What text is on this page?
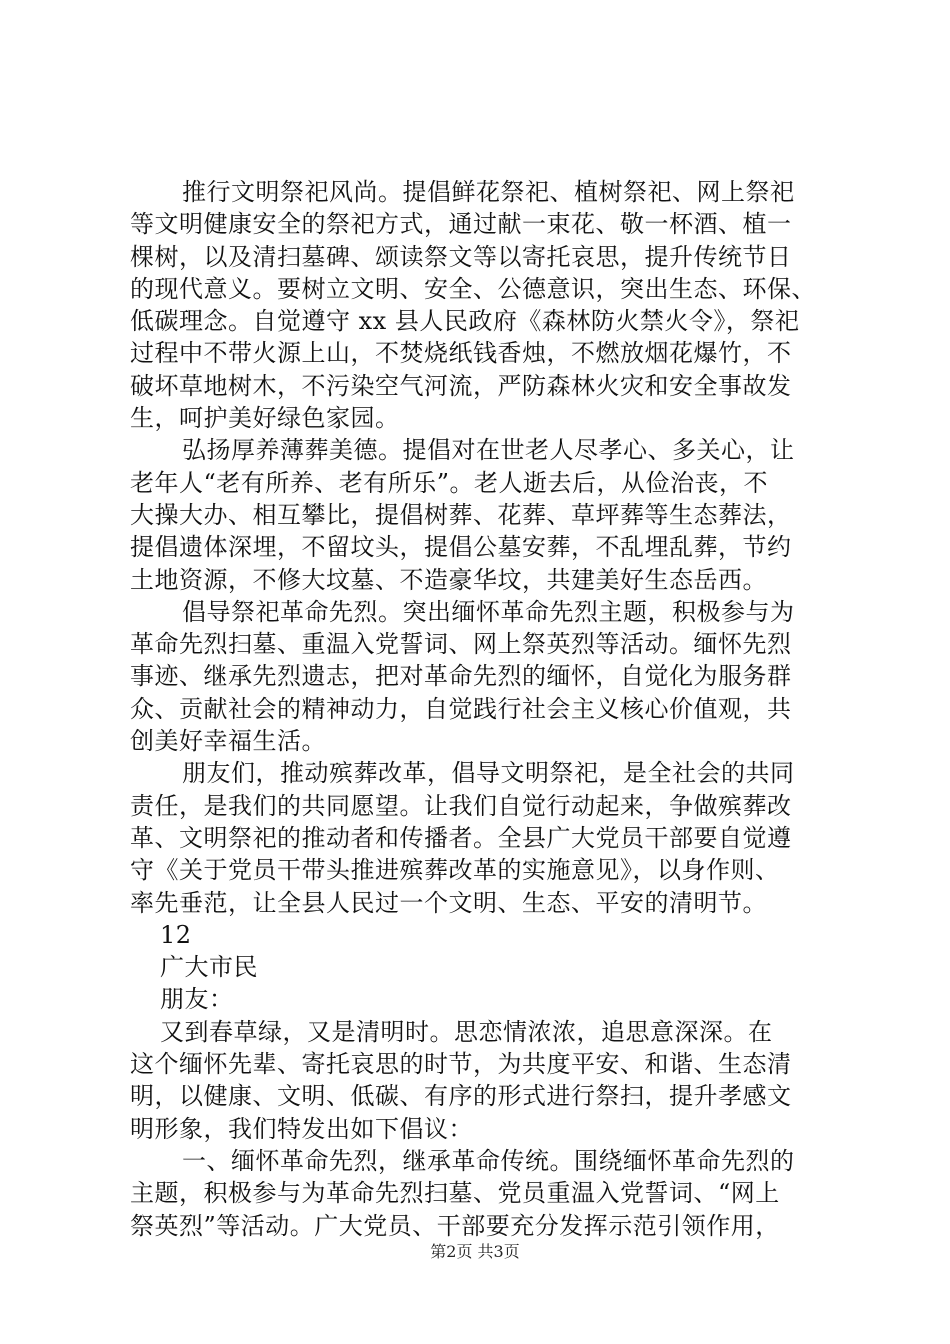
推行文明祭祀风尚。提倡鲜花祭祀、植树祭祀、网上祭祀
等文明健康安全的祭祀方式，通过献一束花、敬一杯酒、植一
棵树，以及清扫墓碑、颂读祭文等以寄托哀思，提升传统节日
的现代意义。要树立文明、安全、公德意识，突出生态、环保、
低碳理念。自觉遵守 xx 县人民政府《森林防火禁火令》，祭祀
过程中不带火源上山，不焚烧纸钱香烛，不燃放烟花爆竹，不
破坏草地树木，不污染空气河流，严防森林火灾和安全事故发
生，呵护美好绿色家园。
弘扬厚养薄葬美德。提倡对在世老人尽孝心、多关心，让
老年人“老有所养、老有所乐”。老人逝去后，从俭治丧，不
大操大办、相互攀比，提倡树葬、花葬、草坪葬等生态葬法，
提倡遗体深埋，不留坟头，提倡公墓安葬，不乱埋乱葬，节约
土地资源，不修大坟墓、不造豪华坟，共建美好生态岳西。
倡导祭祀革命先烈。突出缅怀革命先烈主题，积极参与为
革命先烈扫墓、重温入党誓词、网上祭英烈等活动。缅怀先烈
事迹、继承先烈遗志，把对革命先烈的缅怀，自觉化为服务群
众、贡献社会的精神动力，自觉践行社会主义核心价值观，共
创美好幸福生活。
朋友们，推动殡葬改革，倡导文明祭祀，是全社会的共同
责任，是我们的共同愿望。让我们自觉行动起来，争做殡葬改
革、文明祭祀的推动者和传播者。全县广大党员干部要自觉遵
守《关于党员干带头推进殡葬改革的实施意见》，以身作则、
率先垂范，让全县人民过一个文明、生态、平安的清明节。
12
广大市民
朋友：
又到春草绿，又是清明时。思恋情浓浓，追思意深深。在
这个缅怀先辈、寄托哀思的时节，为共度平安、和谐、生态清
明，以健康、文明、低碳、有序的形式进行祭扫，提升孝感文
明形象，我们特发出如下倡议：
一、缅怀革命先烈，继承革命传统。围绕缅怀革命先烈的
主题，积极参与为革命先烈扫墓、党员重温入党誓词、“网上
祭英烈”等活动。广大党员、干部要充分发挥示范引领作用，
第2页 共3页
